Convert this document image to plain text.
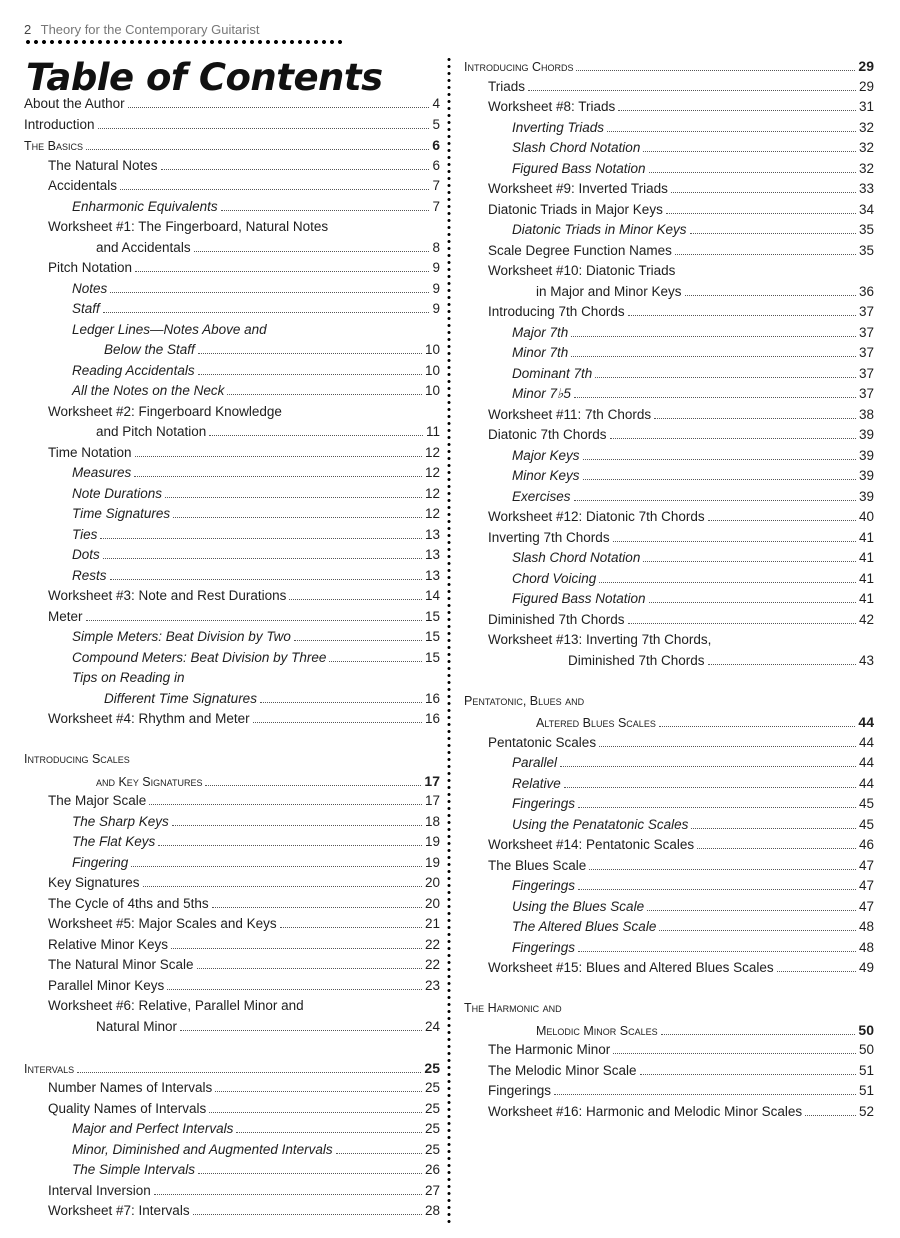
2 Theory for the Contemporary Guitarist
Table of Contents
About the Author	4
Introduction	5
The Basics	6
The Natural Notes	6
Accidentals	7
Enharmonic Equivalents	7
Worksheet #1: The Fingerboard, Natural Notes
and Accidentals	8
Pitch Notation	9
Notes	9
Staff	9
Ledger Lines—Notes Above and
Below the Staff	10
Reading Accidentals	10
All the Notes on the Neck	10
Worksheet #2: Fingerboard Knowledge
and Pitch Notation	11
Time Notation	12
Measures	12
Note Durations	12
Time Signatures	12
Ties	13
Dots	13
Rests	13
Worksheet #3: Note and Rest Durations	14
Meter	15
Simple Meters: Beat Division by Two	15
Compound Meters: Beat Division by Three	15
Tips on Reading in
Different Time Signatures	16
Worksheet #4: Rhythm and Meter	16
Introducing Scales
and Key Signatures	17
The Major Scale	17
The Sharp Keys	18
The Flat Keys	19
Fingering	19
Key Signatures	20
The Cycle of 4ths and 5ths	20
Worksheet #5: Major Scales and Keys	21
Relative Minor Keys	22
The Natural Minor Scale	22
Parallel Minor Keys	23
Worksheet #6: Relative, Parallel Minor and
Natural Minor	24
Intervals	25
Number Names of Intervals	25
Quality Names of Intervals	25
Major and Perfect Intervals	25
Minor, Diminished and Augmented Intervals	25
The Simple Intervals	26
Interval Inversion	27
Worksheet #7: Intervals	28
Introducing Chords	29
Triads	29
Worksheet #8: Triads	31
Inverting Triads	32
Slash Chord Notation	32
Figured Bass Notation	32
Worksheet #9: Inverted Triads	33
Diatonic Triads in Major Keys	34
Diatonic Triads in Minor Keys	35
Scale Degree Function Names	35
Worksheet #10: Diatonic Triads
in Major and Minor Keys	36
Introducing 7th Chords	37
Major 7th	37
Minor 7th	37
Dominant 7th	37
Minor 7♭5	37
Worksheet #11: 7th Chords	38
Diatonic 7th Chords	39
Major Keys	39
Minor Keys	39
Exercises	39
Worksheet #12: Diatonic 7th Chords	40
Inverting 7th Chords	41
Slash Chord Notation	41
Chord Voicing	41
Figured Bass Notation	41
Diminished 7th Chords	42
Worksheet #13: Inverting 7th Chords,
Diminished 7th Chords	43
Pentatonic, Blues and
Altered Blues Scales	44
Pentatonic Scales	44
Parallel	44
Relative	44
Fingerings	45
Using the Penatatonic Scales	45
Worksheet #14: Pentatonic Scales	46
The Blues Scale	47
Fingerings	47
Using the Blues Scale	47
The Altered Blues Scale	48
Fingerings	48
Worksheet #15: Blues and Altered Blues Scales	49
The Harmonic and
Melodic Minor Scales	50
The Harmonic Minor	50
The Melodic Minor Scale	51
Fingerings	51
Worksheet #16: Harmonic and Melodic Minor Scales	52
